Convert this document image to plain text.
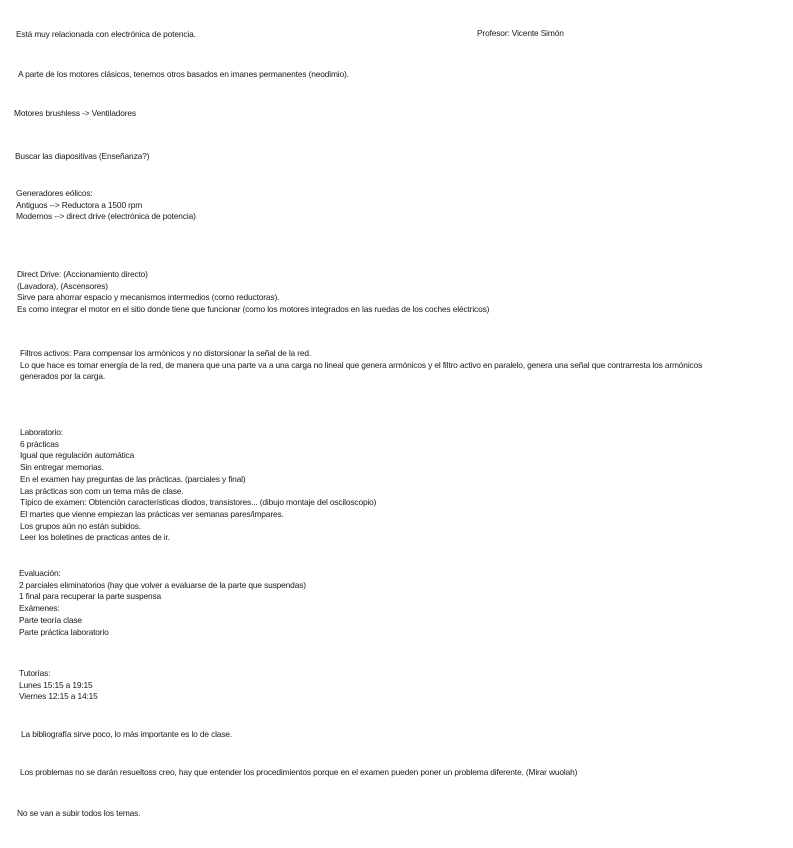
Está muy relacionada con electrónica de potencia.	Profesor: Vicente Simón
A parte de los motores clásicos, tenemos otros basados en imanes permanentes (neodimio).
Motores brushless -> Ventiladores
Buscar las diapositivas (Enseñanza?)
Generadores eólicos:
Antiguos --> Reductora a 1500 rpm
Modernos --> direct drive (electrónica de potencia)
Direct Drive: (Accionamiento directo)
(Lavadora), (Ascensores)
Sirve para ahorrar espacio y mecanismos intermedios (como reductoras).
Es como integrar el motor en el sitio donde tiene que funcionar (como los motores integrados en las ruedas de los coches eléctricos)
Filtros activos: Para compensar los armónicos y no distorsionar la señal de la red.
Lo que hace es tomar energía de la red, de manera que una parte va a una carga no lineal que genera armónicos y el filtro activo en paralelo, genera una señal que contrarresta los armónicos generados por la carga.
Laboratorio:
6 prácticas
Igual que regulación automática
Sin entregar memorias.
En el examen hay preguntas de las prácticas. (parciales y final)
Las prácticas son com un tema más de clase.
Típico de examen: Obtención características diodos, transistores... (dibujo montaje del osciloscopio)
El martes que vienne empiezan las prácticas ver semanas pares/impares.
Los grupos aún no están subidos.
Leer los boletines de practicas antes de ir.
Evaluación:
2 parciales eliminatorios (hay que volver a evaluarse de la parte que suspendas)
1 final para recuperar la parte suspensa
Exámenes:
Parte teoría clase
Parte práctica laboratorio
Tutorías:
Lunes 15:15 a 19:15
Viernes 12:15 a 14:15
La bibliografía sirve poco, lo más importante es lo de clase.
Los problemas no se darán resueltoss creo, hay que entender los procedimientos porque en el examen pueden poner un problema diferente. (Mirar wuolah)
No se van a subir todos los temas.
